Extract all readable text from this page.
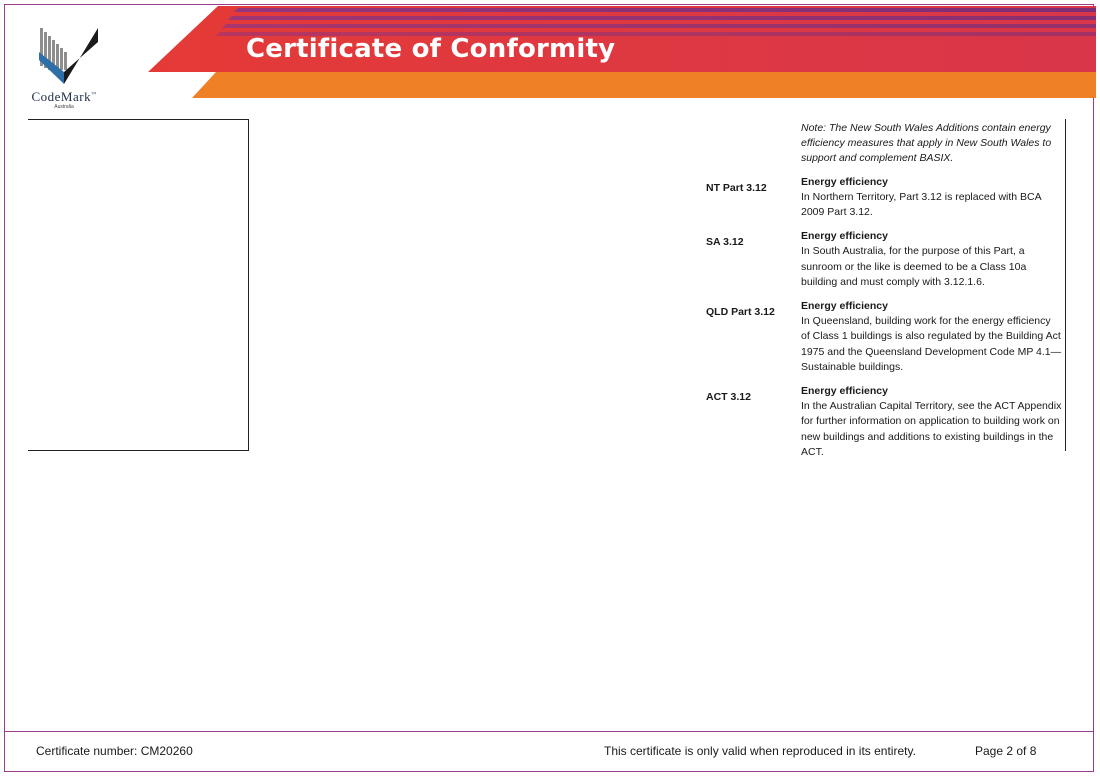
Certificate of Conformity
CodeMark™
Australia
Note: The New South Wales Additions contain energy efficiency measures that apply in New South Wales to support and complement BASIX.
NT Part 3.12	Energy efficiency
In Northern Territory, Part 3.12 is replaced with BCA 2009 Part 3.12.
SA 3.12	Energy efficiency
In South Australia, for the purpose of this Part, a sunroom or the like is deemed to be a Class 10a building and must comply with 3.12.1.6.
QLD Part 3.12	Energy efficiency
In Queensland, building work for the energy efficiency of Class 1 buildings is also regulated by the Building Act 1975 and the Queensland Development Code MP 4.1—Sustainable buildings.
ACT 3.12	Energy efficiency
In the Australian Capital Territory, see the ACT Appendix for further information on application to building work on new buildings and additions to existing buildings in the ACT.
Certificate number: CM20260	This certificate is only valid when reproduced in its entirety.	Page 2 of 8
